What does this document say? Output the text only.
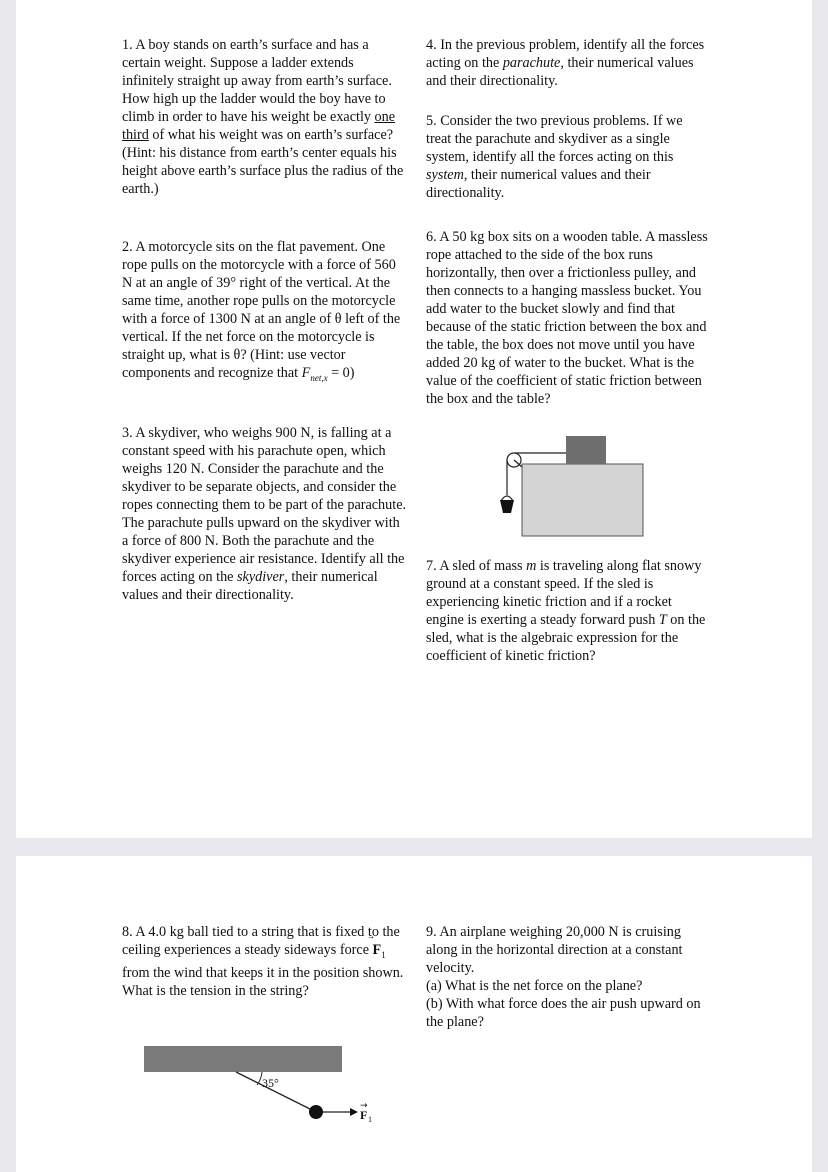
1. A boy stands on earth’s surface and has a certain weight. Suppose a ladder extends infinitely straight up away from earth’s surface. How high up the ladder would the boy have to climb in order to have his weight be exactly one third of what his weight was on earth’s surface? (Hint: his distance from earth’s center equals his height above earth’s surface plus the radius of the earth.)

2. A motorcycle sits on the flat pavement. One rope pulls on the motorcycle with a force of 560 N at an angle of 39° right of the vertical. At the same time, another rope pulls on the motorcycle with a force of 1300 N at an angle of θ left of the vertical. If the net force on the motorcycle is straight up, what is θ? (Hint: use vector components and recognize that $F_{net,x} = 0$)

3. A skydiver, who weighs 900 N, is falling at a constant speed with his parachute open, which weighs 120 N. Consider the parachute and the skydiver to be separate objects, and consider the ropes connecting them to be part of the parachute. The parachute pulls upward on the skydiver with a force of 800 N. Both the parachute and the skydiver experience air resistance. Identify all the forces acting on the skydiver, their numerical values and their directionality.

4. In the previous problem, identify all the forces acting on the parachute, their numerical values and their directionality.

5. Consider the two previous problems. If we treat the parachute and skydiver as a single system, identify all the forces acting on this system, their numerical values and their directionality.

6. A 50 kg box sits on a wooden table. A massless rope attached to the side of the box runs horizontally, then over a frictionless pulley, and then connects to a hanging massless bucket. You add water to the bucket slowly and find that because of the static friction between the box and the table, the box does not move until you have added 20 kg of water to the bucket. What is the value of the coefficient of static friction between the box and the table?

7. A sled of mass m is traveling along flat snowy ground at a constant speed. If the sled is experiencing kinetic friction and if a rocket engine is exerting a steady forward push T on the sled, what is the algebraic expression for the coefficient of kinetic friction?

8. A 4.0 kg ball tied to a string that is fixed to the ceiling experiences a steady sideways force F
$_1$ from the wind that keeps it in the position shown. What is the tension in the string?

35°
F 1
→

9. An airplane weighing 20,000 N is cruising along in the horizontal direction at a constant velocity.
(a) What is the net force on the plane?
(b) With what force does the air push upward on the plane?
